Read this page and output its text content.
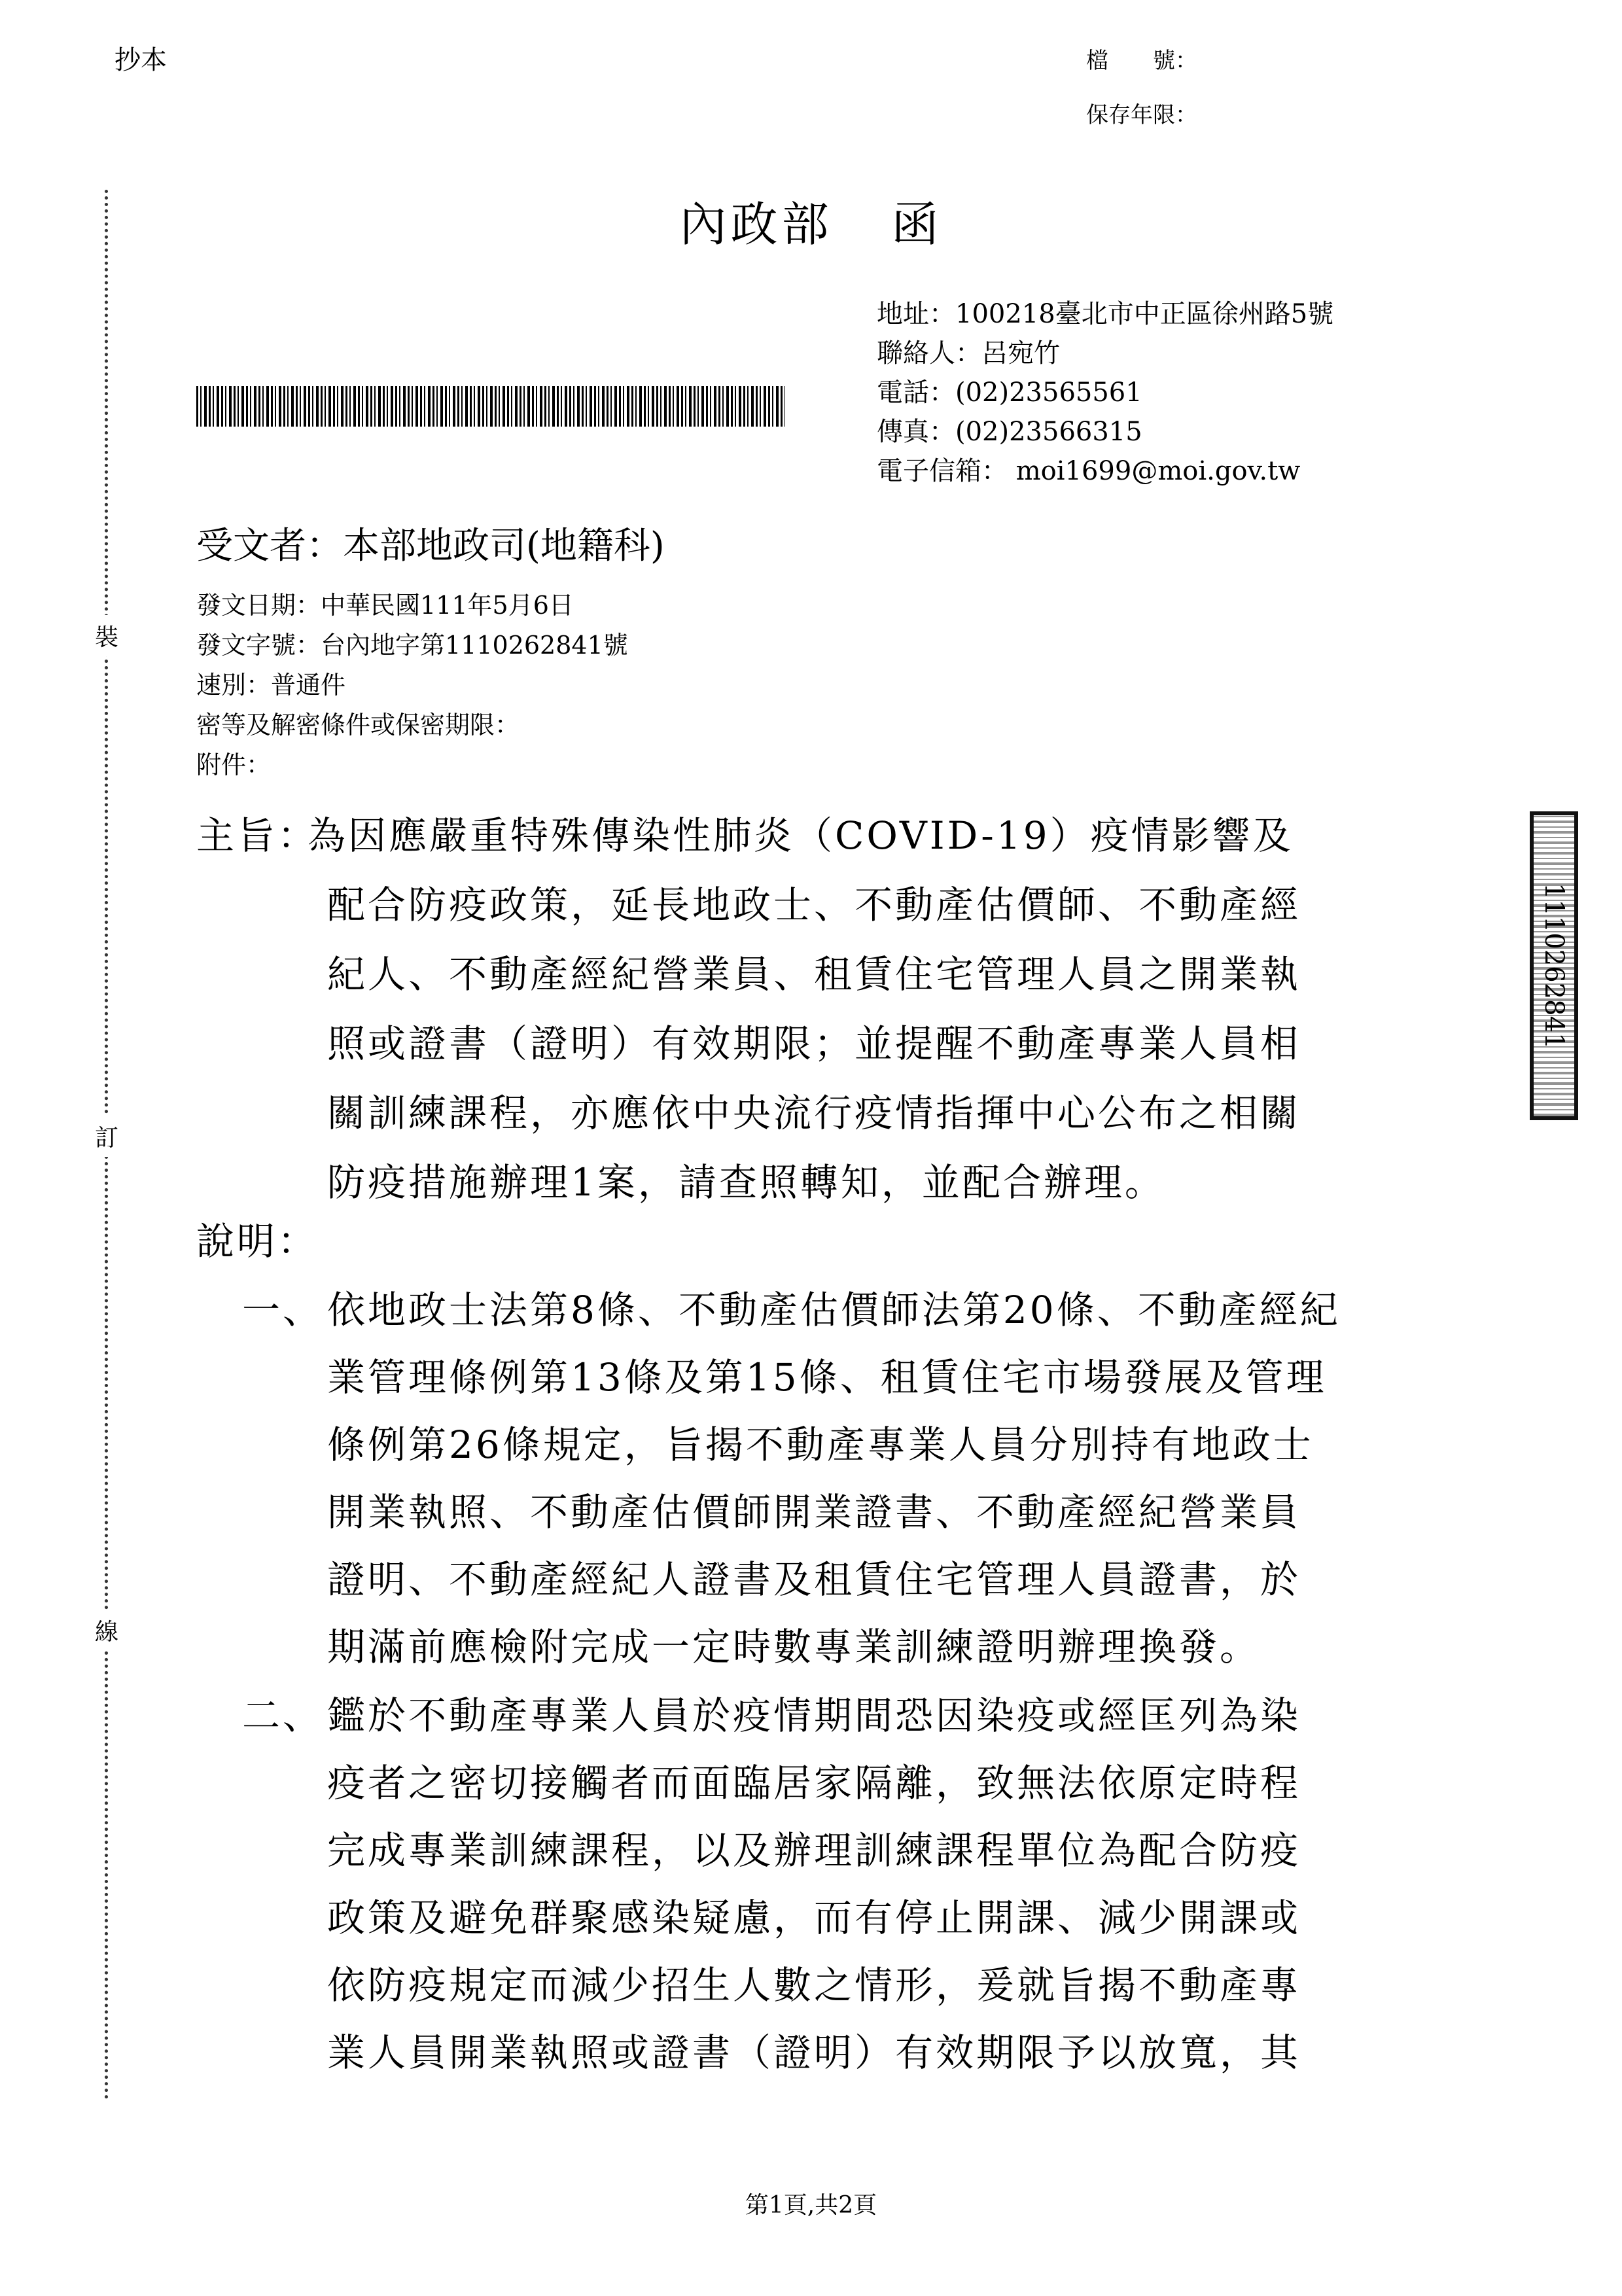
抄本	檔　　號：
保存年限：
裝
訂
線
內政部 函
地址：100218臺北市中正區徐州路5號
聯絡人：呂宛竹
電話：(02)23565561
傳真：(02)23566315
電子信箱： moi1699@moi.gov.tw
受文者：本部地政司(地籍科)
發文日期：中華民國111年5月6日
發文字號：台內地字第1110262841號
速別：普通件
密等及解密條件或保密期限：
附件：
主旨：
為因應嚴重特殊傳染性肺炎（COVID-19）疫情影響及
配合防疫政策，延長地政士、不動產估價師、不動產經
紀人、不動產經紀營業員、租賃住宅管理人員之開業執
照或證書（證明）有效期限；並提醒不動產專業人員相
關訓練課程，亦應依中央流行疫情指揮中心公布之相關
防疫措施辦理1案，請查照轉知，並配合辦理。
說明：
一、 依地政士法第8條、不動產估價師法第20條、不動產經紀
業管理條例第13條及第15條、租賃住宅市場發展及管理
條例第26條規定，旨揭不動產專業人員分別持有地政士
開業執照、不動產估價師開業證書、不動產經紀營業員
證明、不動產經紀人證書及租賃住宅管理人員證書，於
期滿前應檢附完成一定時數專業訓練證明辦理換發。
二、 鑑於不動產專業人員於疫情期間恐因染疫或經匡列為染
疫者之密切接觸者而面臨居家隔離，致無法依原定時程
完成專業訓練課程，以及辦理訓練課程單位為配合防疫
政策及避免群聚感染疑慮，而有停止開課、減少開課或
依防疫規定而減少招生人數之情形，爰就旨揭不動產專
業人員開業執照或證書（證明）有效期限予以放寬，其
1110262841
第1頁,共2頁
